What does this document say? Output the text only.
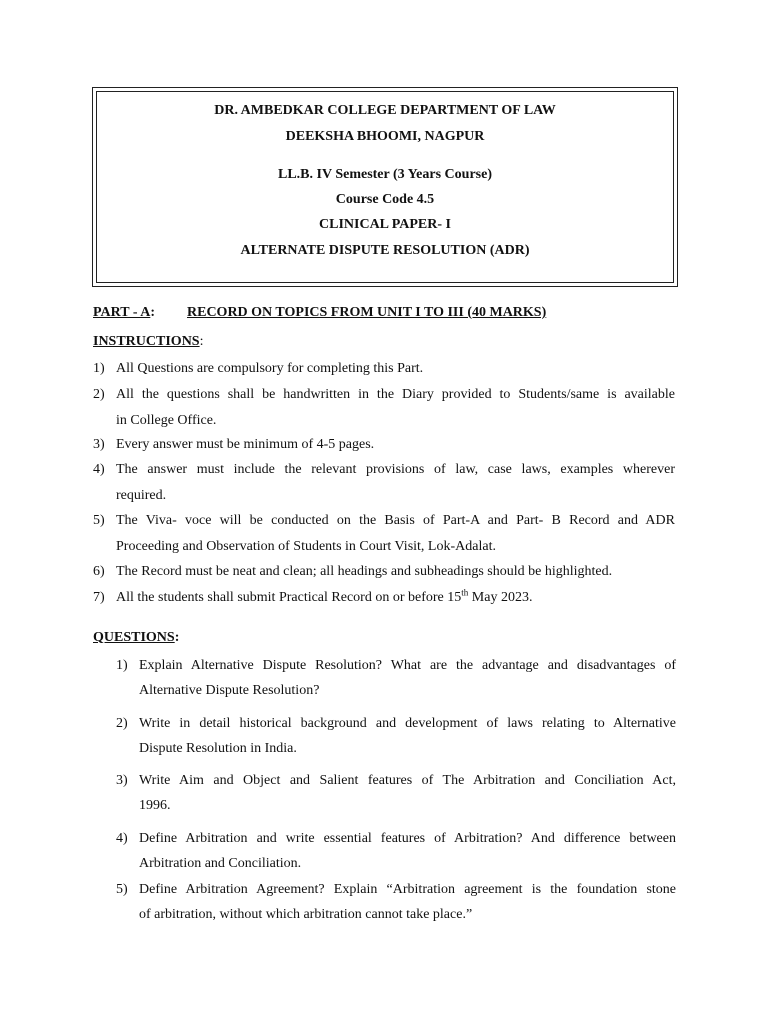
DR. AMBEDKAR COLLEGE DEPARTMENT OF LAW
DEEKSHA BHOOMI, NAGPUR
LL.B. IV Semester (3 Years Course)
Course Code 4.5
CLINICAL PAPER- I
ALTERNATE DISPUTE RESOLUTION (ADR)
PART - A: RECORD ON TOPICS FROM UNIT I TO III (40 MARKS)
INSTRUCTIONS:
1) All Questions are compulsory for completing this Part.
2) All the questions shall be handwritten in the Diary provided to Students/same is available
in College Office.
3) Every answer must be minimum of 4-5 pages.
4) The answer must include the relevant provisions of law, case laws, examples wherever
required.
5) The Viva- voce will be conducted on the Basis of Part-A and Part- B Record and ADR
Proceeding and Observation of Students in Court Visit, Lok-Adalat.
6) The Record must be neat and clean; all headings and subheadings should be highlighted.
7) All the students shall submit Practical Record on or before 15th May 2023.
QUESTIONS:
1) Explain Alternative Dispute Resolution? What are the advantage and disadvantages of
Alternative Dispute Resolution?
2) Write in detail historical background and development of laws relating to Alternative
Dispute Resolution in India.
3) Write Aim and Object and Salient features of The Arbitration and Conciliation Act,
1996.
4) Define Arbitration and write essential features of Arbitration? And difference between
Arbitration and Conciliation.
5) Define Arbitration Agreement? Explain “Arbitration agreement is the foundation stone
of arbitration, without which arbitration cannot take place.”
